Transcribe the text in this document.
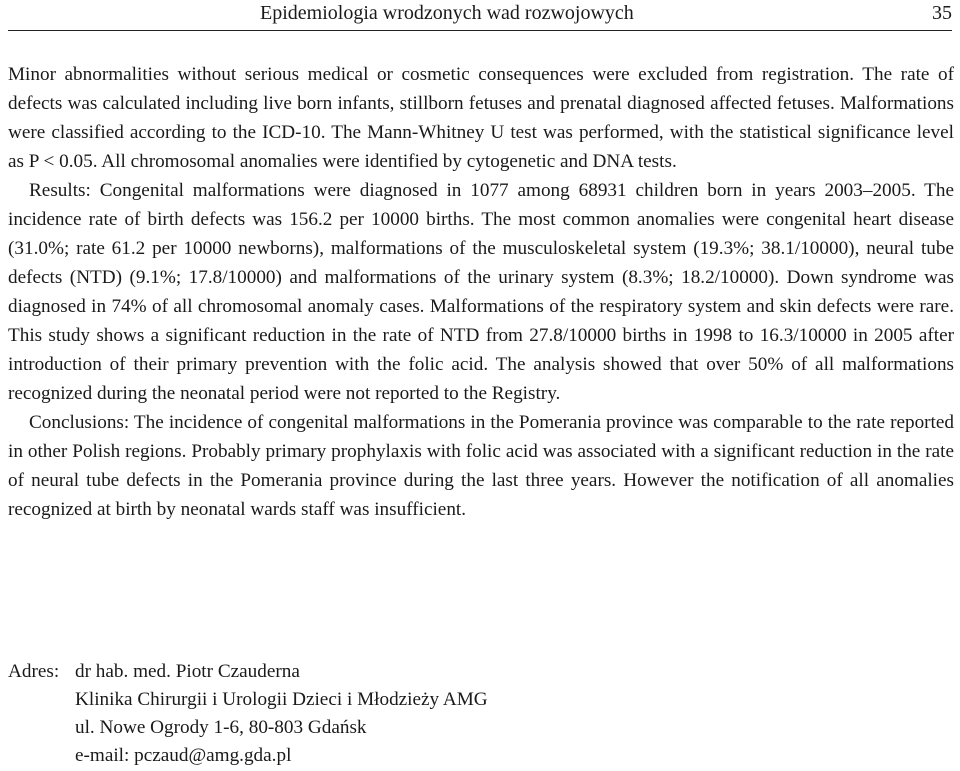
Epidemiologia wrodzonych wad rozwojowych	35

Minor abnormalities without serious medical or cosmetic consequences were excluded from registration. The rate of defects was calculated including live born infants, stillborn fetuses and prenatal diagnosed affected fetuses. Malformations were classified according to the ICD-10. The Mann-Whitney U test was performed, with the statistical significance level as P < 0.05. All chromosomal anomalies were identified by cytogenetic and DNA tests.

Results: Congenital malformations were diagnosed in 1077 among 68931 children born in years 2003–2005. The incidence rate of birth defects was 156.2 per 10000 births. The most common anomalies were congenital heart disease (31.0%; rate 61.2 per 10000 newborns), malformations of the musculoskeletal system (19.3%; 38.1/10000), neural tube defects (NTD) (9.1%; 17.8/10000) and malformations of the urinary system (8.3%; 18.2/10000). Down syndrome was diagnosed in 74% of all chromosomal anomaly cases. Malformations of the respiratory system and skin defects were rare. This study shows a significant reduction in the rate of NTD from 27.8/10000 births in 1998 to 16.3/10000 in 2005 after introduction of their primary prevention with the folic acid. The analysis showed that over 50% of all malformations recognized during the neonatal period were not reported to the Registry.

Conclusions: The incidence of congenital malformations in the Pomerania province was comparable to the rate reported in other Polish regions. Probably primary prophylaxis with folic acid was associated with a significant reduction in the rate of neural tube defects in the Pomerania province during the last three years. However the notification of all anomalies recognized at birth by neonatal wards staff was insufficient.

Adres: dr hab. med. Piotr Czauderna
Klinika Chirurgii i Urologii Dzieci i Młodzieży AMG
ul. Nowe Ogrody 1-6, 80-803 Gdańsk
e-mail: pczaud@amg.gda.pl
